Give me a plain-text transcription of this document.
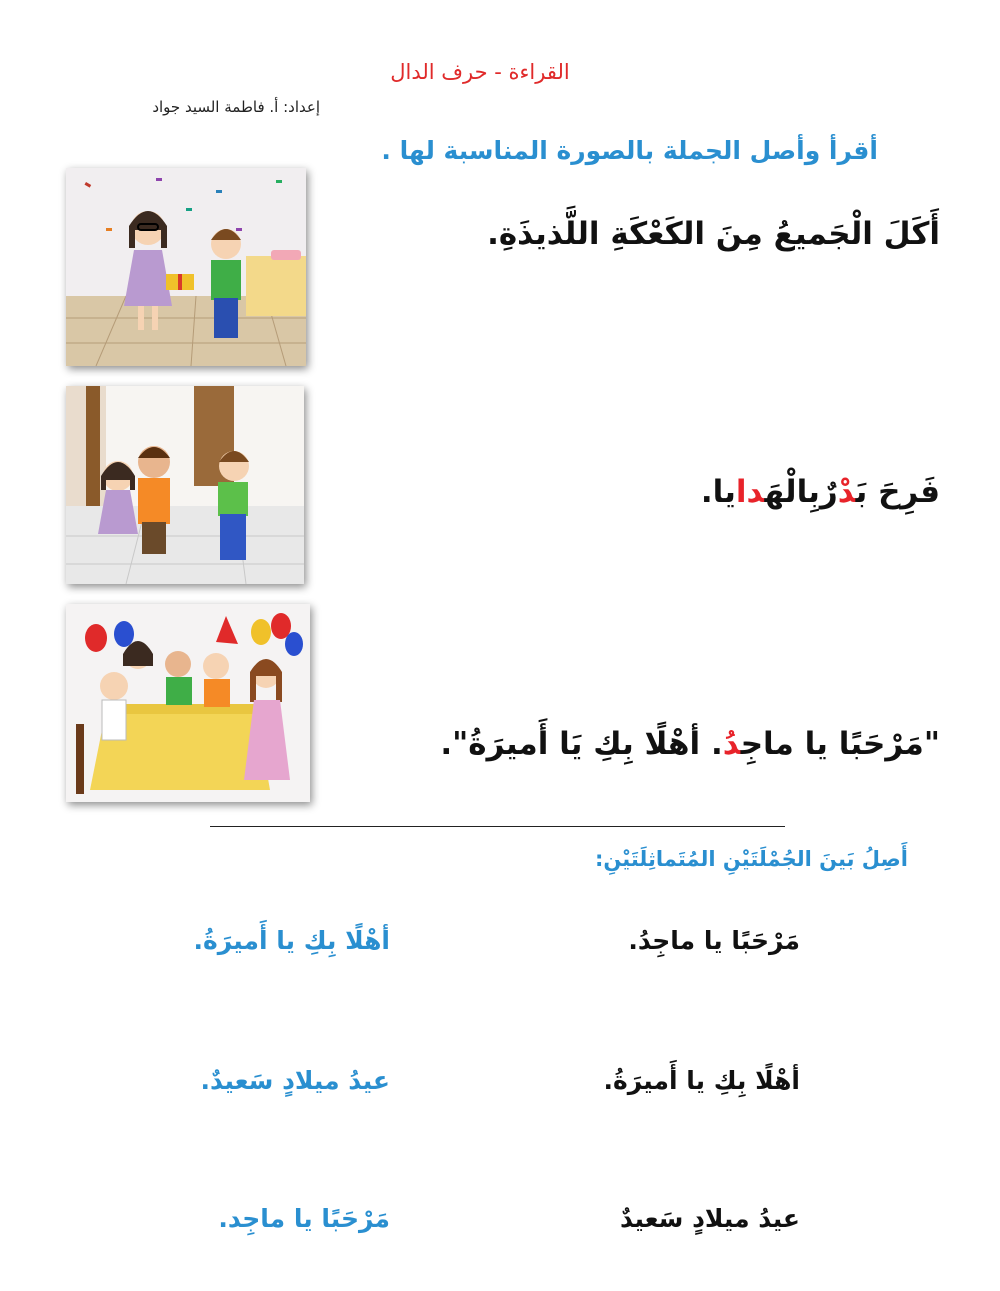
القراءة - حرف الدال
إعداد: أ. فاطمة السيد جواد
أقرأ وأصل الجملة بالصورة المناسبة لها .
أَكَلَ الْجَميعُ مِنَ الكَعْكَةِ اللَّذيذَةِ.
فَرِحَ بَدْرٌبِالْهَدايا.
"مَرْحَبًا يا ماجِدُ. أهْلًا بِكِ يَا أَميرَةُ".
أَصِلُ بَينَ الجُمْلَتَيْنِ المُتَماثِلَتَيْنِ:
مَرْحَبًا يا ماجِدُ.
أهْلًا بِكِ يا أَميرَةُ.
أهْلًا بِكِ يا أَميرَةُ.
عيدُ ميلادٍ سَعيدٌ.
عيدُ ميلادٍ سَعيدٌ
مَرْحَبًا يا ماجِد.
